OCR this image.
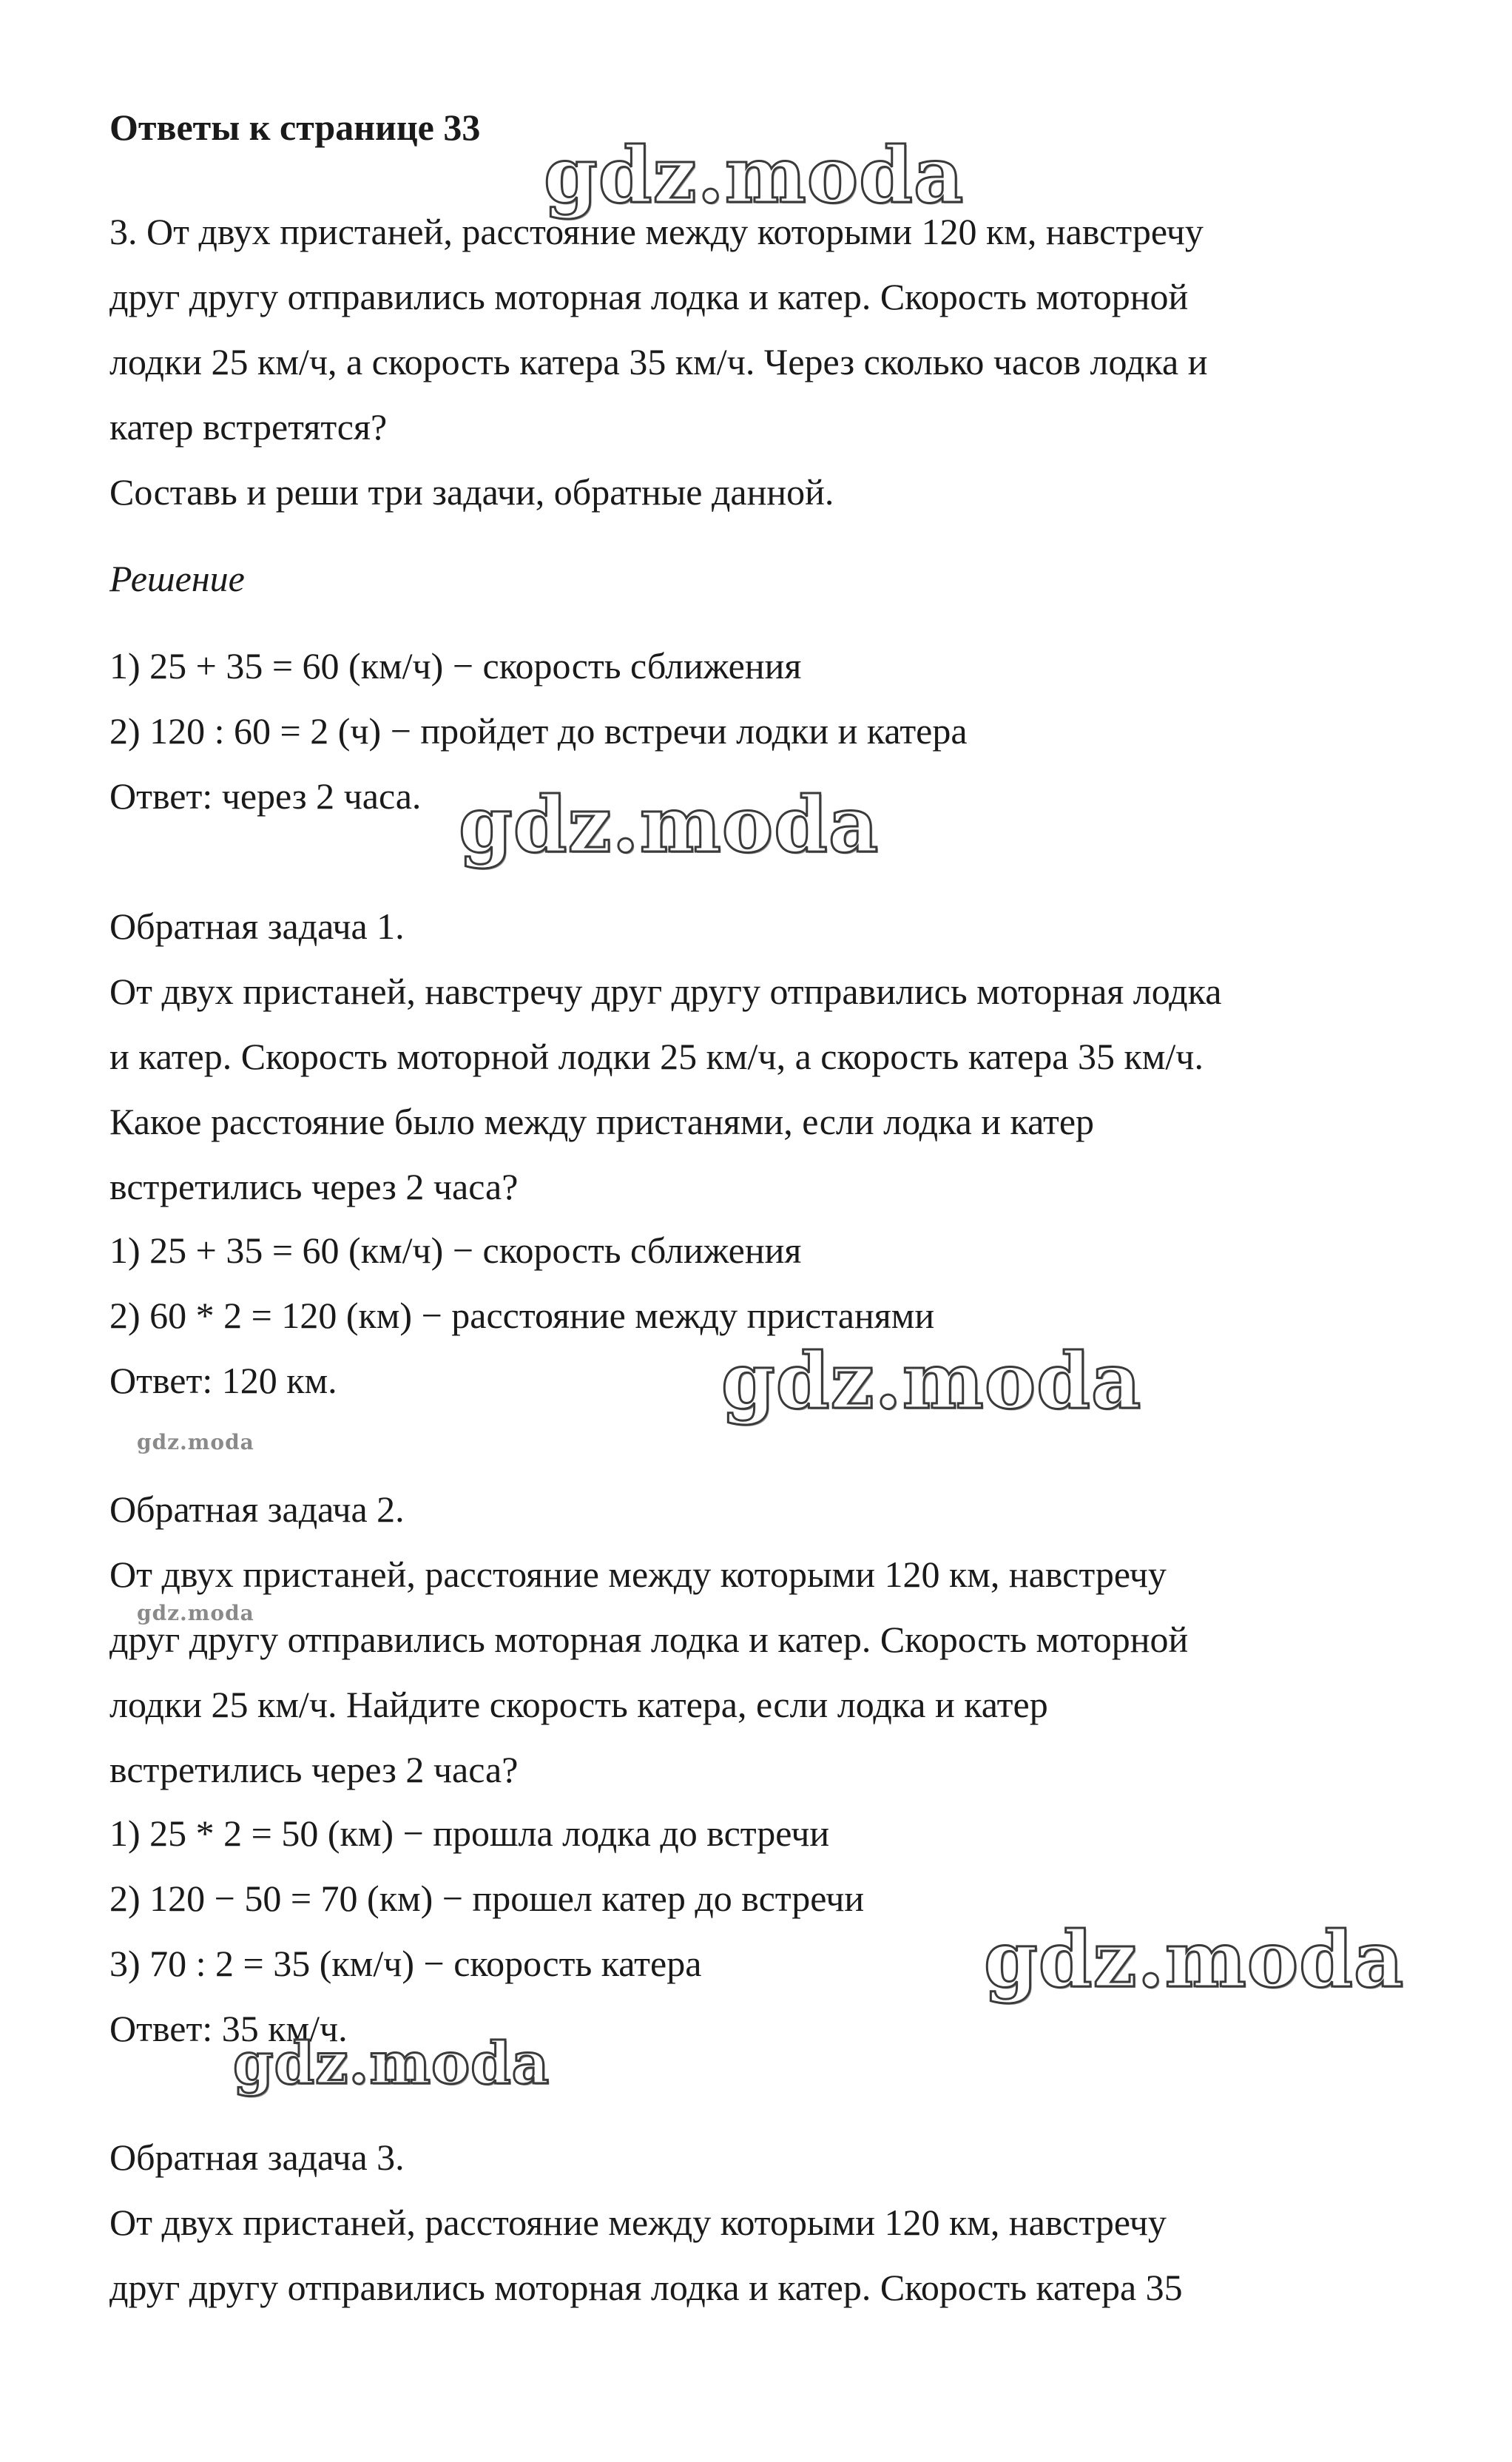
Ответы к странице 33
3. От двух пристаней, расстояние между которыми 120 км, навстречу
друг другу отправились моторная лодка и катер. Скорость моторной
лодки 25 км/ч, а скорость катера 35 км/ч. Через сколько часов лодка и
катер встретятся?
Составь и реши три задачи, обратные данной.
Решение
1) 25 + 35 = 60 (км/ч) − скорость сближения
2) 120 : 60 = 2 (ч) − пройдет до встречи лодки и катера
Ответ: через 2 часа.
Обратная задача 1.
От двух пристаней, навстречу друг другу отправились моторная лодка
и катер. Скорость моторной лодки 25 км/ч, а скорость катера 35 км/ч.
Какое расстояние было между пристанями, если лодка и катер
встретились через 2 часа?
1) 25 + 35 = 60 (км/ч) − скорость сближения
2) 60 * 2 = 120 (км) − расстояние между пристанями
Ответ: 120 км.
Обратная задача 2.
От двух пристаней, расстояние между которыми 120 км, навстречу
друг другу отправились моторная лодка и катер. Скорость моторной
лодки 25 км/ч. Найдите скорость катера, если лодка и катер
встретились через 2 часа?
1) 25 * 2 = 50 (км) − прошла лодка до встречи
2) 120 − 50 = 70 (км) − прошел катер до встречи
3) 70 : 2 = 35 (км/ч) − скорость катера
Ответ: 35 км/ч.
Обратная задача 3.
От двух пристаней, расстояние между которыми 120 км, навстречу
друг другу отправились моторная лодка и катер. Скорость катера 35
gdz.moda
gdz.moda
gdz.moda
gdz.moda
gdz.moda
gdz.moda
gdz.moda
